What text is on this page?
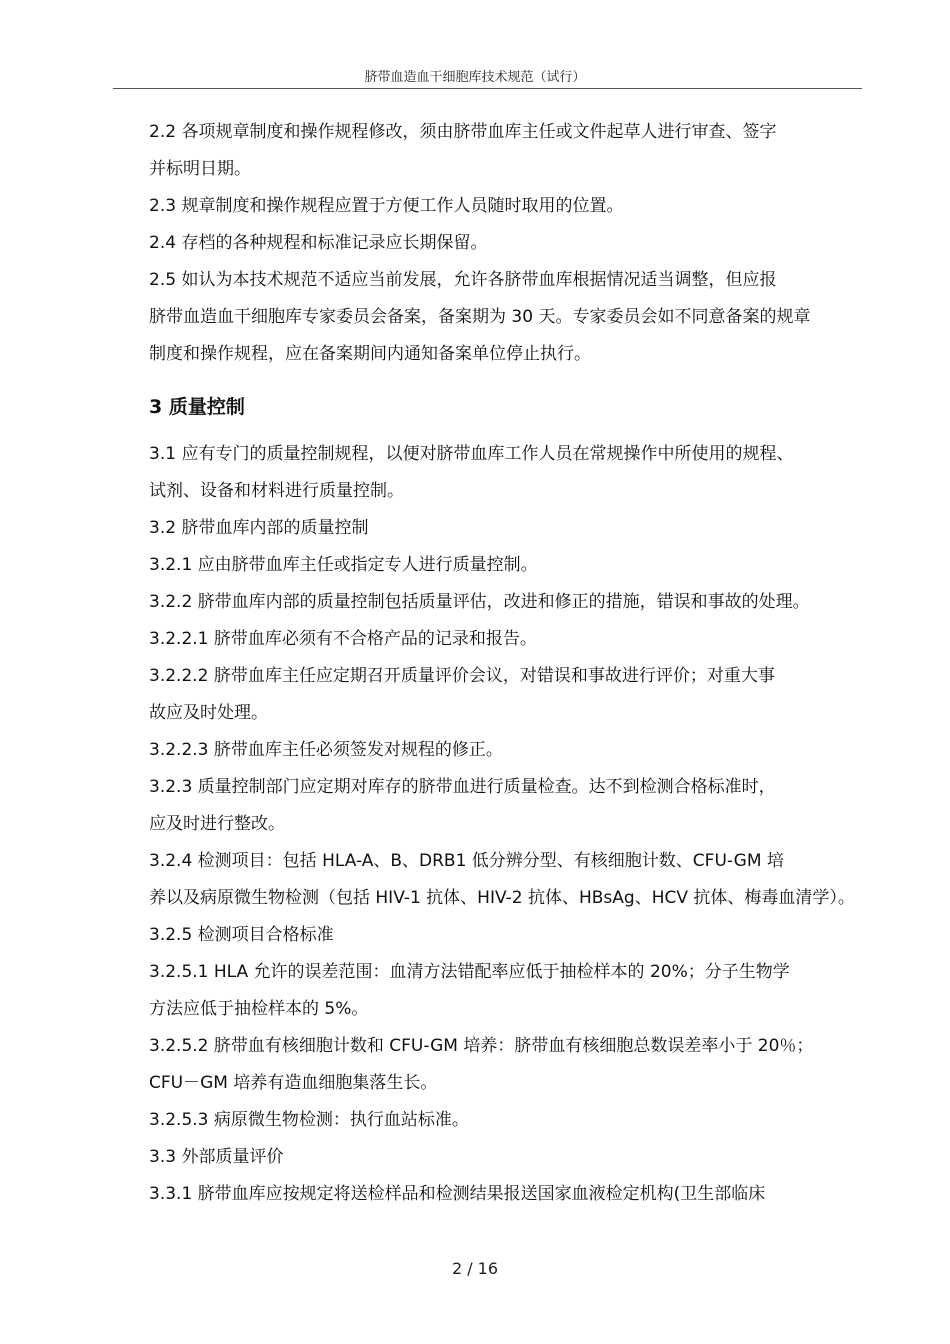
脐带血造血干细胞库技术规范（试行）

2.2 各项规章制度和操作规程修改，须由脐带血库主任或文件起草人进行审查、签字
并标明日期。

2.3 规章制度和操作规程应置于方便工作人员随时取用的位置。

2.4 存档的各种规程和标准记录应长期保留。

2.5 如认为本技术规范不适应当前发展，允许各脐带血库根据情况适当调整，但应报
脐带血造血干细胞库专家委员会备案，备案期为 30 天。专家委员会如不同意备案的规章
制度和操作规程，应在备案期间内通知备案单位停止执行。

3 质量控制

3.1 应有专门的质量控制规程，以便对脐带血库工作人员在常规操作中所使用的规程、
试剂、设备和材料进行质量控制。

3.2 脐带血库内部的质量控制

3.2.1 应由脐带血库主任或指定专人进行质量控制。

3.2.2 脐带血库内部的质量控制包括质量评估，改进和修正的措施，错误和事故的处理。

3.2.2.1 脐带血库必须有不合格产品的记录和报告。

3.2.2.2 脐带血库主任应定期召开质量评价会议，对错误和事故进行评价；对重大事
故应及时处理。

3.2.2.3 脐带血库主任必须签发对规程的修正。

3.2.3 质量控制部门应定期对库存的脐带血进行质量检查。达不到检测合格标准时，
应及时进行整改。

3.2.4 检测项目：包括 HLA-A、B、DRB1 低分辨分型、有核细胞计数、CFU-GM 培
养以及病原微生物检测（包括 HIV-1 抗体、HIV-2 抗体、HBsAg、HCV 抗体、梅毒血清学）。

3.2.5 检测项目合格标准

3.2.5.1 HLA 允许的误差范围：血清方法错配率应低于抽检样本的 20%；分子生物学
方法应低于抽检样本的 5%。

3.2.5.2 脐带血有核细胞计数和 CFU-GM 培养：脐带血有核细胞总数误差率小于 20％；
CFU－GM 培养有造血细胞集落生长。

3.2.5.3 病原微生物检测：执行血站标准。

3.3 外部质量评价

3.3.1 脐带血库应按规定将送检样品和检测结果报送国家血液检定机构(卫生部临床

2 / 16
